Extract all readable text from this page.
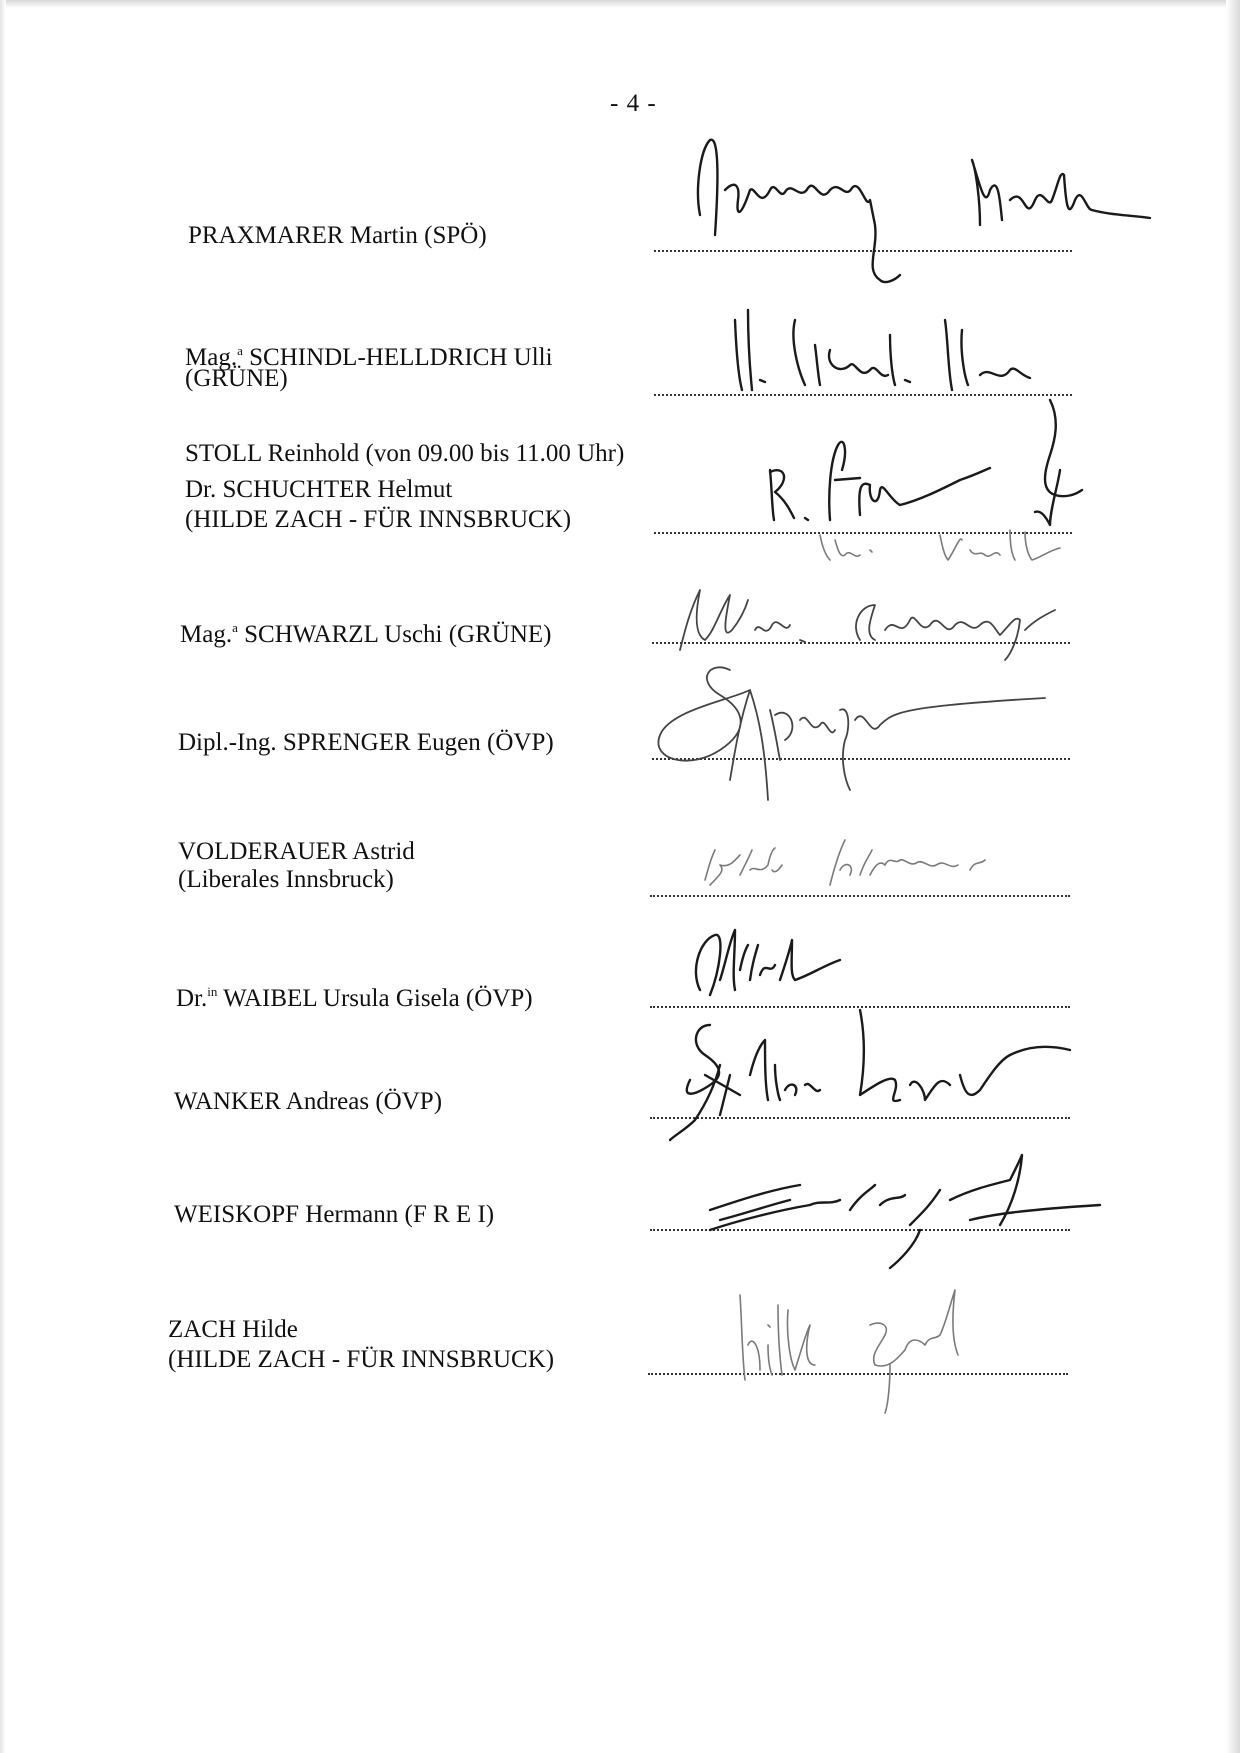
- 4 -
PRAXMARER Martin (SPÖ)
Mag.$^a$ SCHINDL-HELLDRICH Ulli
(GRÜNE)
STOLL Reinhold (von 09.00 bis 11.00 Uhr)
Dr. SCHUCHTER Helmut
(HILDE ZACH - FÜR INNSBRUCK)
Mag.$^a$ SCHWARZL Uschi (GRÜNE)
Dipl.-Ing. SPRENGER Eugen (ÖVP)
VOLDERAUER Astrid
(Liberales Innsbruck)
Dr.$^{in}$ WAIBEL Ursula Gisela (ÖVP)
WANKER Andreas (ÖVP)
WEISKOPF Hermann (F R E I)
ZACH Hilde
(HILDE ZACH - FÜR INNSBRUCK)
